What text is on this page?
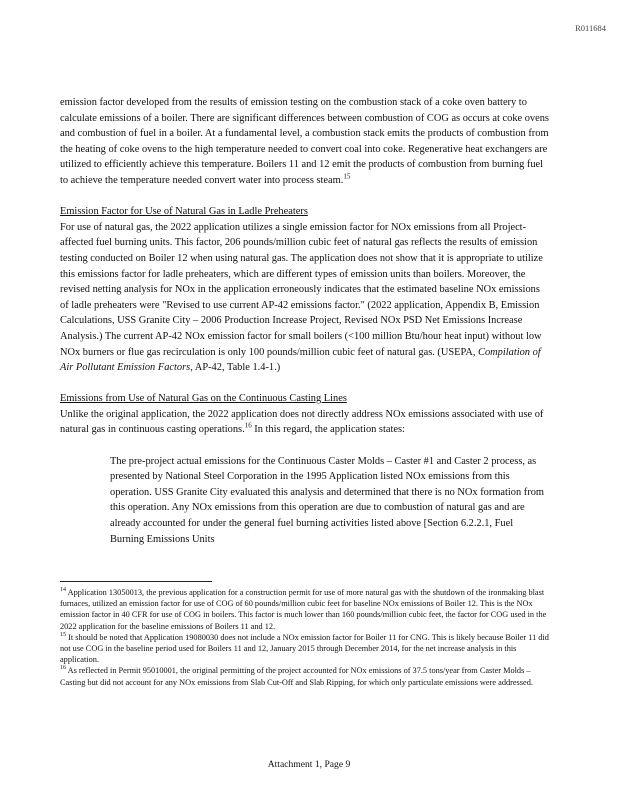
R011684

emission factor developed from the results of emission testing on the combustion stack of a coke oven battery to calculate emissions of a boiler. There are significant differences between combustion of COG as occurs at coke ovens and combustion of fuel in a boiler. At a fundamental level, a combustion stack emits the products of combustion from the heating of coke ovens to the high temperature needed to convert coal into coke. Regenerative heat exchangers are utilized to efficiently achieve this temperature. Boilers 11 and 12 emit the products of combustion from burning fuel to achieve the temperature needed convert water into process steam.$^{15}$

Emission Factor for Use of Natural Gas in Ladle Preheaters

For use of natural gas, the 2022 application utilizes a single emission factor for NOx emissions from all Project-affected fuel burning units. This factor, 206 pounds/million cubic feet of natural gas reflects the results of emission testing conducted on Boiler 12 when using natural gas. The application does not show that it is appropriate to utilize this emissions factor for ladle preheaters, which are different types of emission units than boilers. Moreover, the revised netting analysis for NOx in the application erroneously indicates that the estimated baseline NOx emissions of ladle preheaters were "Revised to use current AP-42 emissions factor." (2022 application, Appendix B, Emission Calculations, USS Granite City – 2006 Production Increase Project, Revised NOx PSD Net Emissions Increase Analysis.) The current AP-42 NOx emission factor for small boilers (<100 million Btu/hour heat input) without low NOx burners or flue gas recirculation is only 100 pounds/million cubic feet of natural gas. (USEPA, Compilation of Air Pollutant Emission Factors, AP-42, Table 1.4-1.)

Emissions from Use of Natural Gas on the Continuous Casting Lines

Unlike the original application, the 2022 application does not directly address NOx emissions associated with use of natural gas in continuous casting operations.$^{16}$ In this regard, the application states:

The pre-project actual emissions for the Continuous Caster Molds – Caster #1 and Caster 2 process, as presented by National Steel Corporation in the 1995 Application listed NOx emissions from this operation. USS Granite City evaluated this analysis and determined that there is no NOx formation from this operation. Any NOx emissions from this operation are due to combustion of natural gas and are already accounted for under the general fuel burning activities listed above [Section 6.2.2.1, Fuel Burning Emissions Units

$^{14}$ Application 13050013, the previous application for a construction permit for use of more natural gas with the shutdown of the ironmaking blast furnaces, utilized an emission factor for use of COG of 60 pounds/million cubic feet for baseline NOx emissions of Boiler 12. This is the NOx emission factor in 40 CFR for use of COG in boilers. This factor is much lower than 160 pounds/million cubic feet, the factor for COG used in the 2022 application for the baseline emissions of Boilers 11 and 12.

$^{15}$ It should be noted that Application 19080030 does not include a NOx emission factor for Boiler 11 for CNG. This is likely because Boiler 11 did not use COG in the baseline period used for Boilers 11 and 12, January 2015 through December 2014, for the net increase analysis in this application.

$^{16}$ As reflected in Permit 95010001, the original permitting of the project accounted for NOx emissions of 37.5 tons/year from Caster Molds – Casting but did not account for any NOx emissions from Slab Cut-Off and Slab Ripping, for which only particulate emissions were addressed.

Attachment 1, Page 9
